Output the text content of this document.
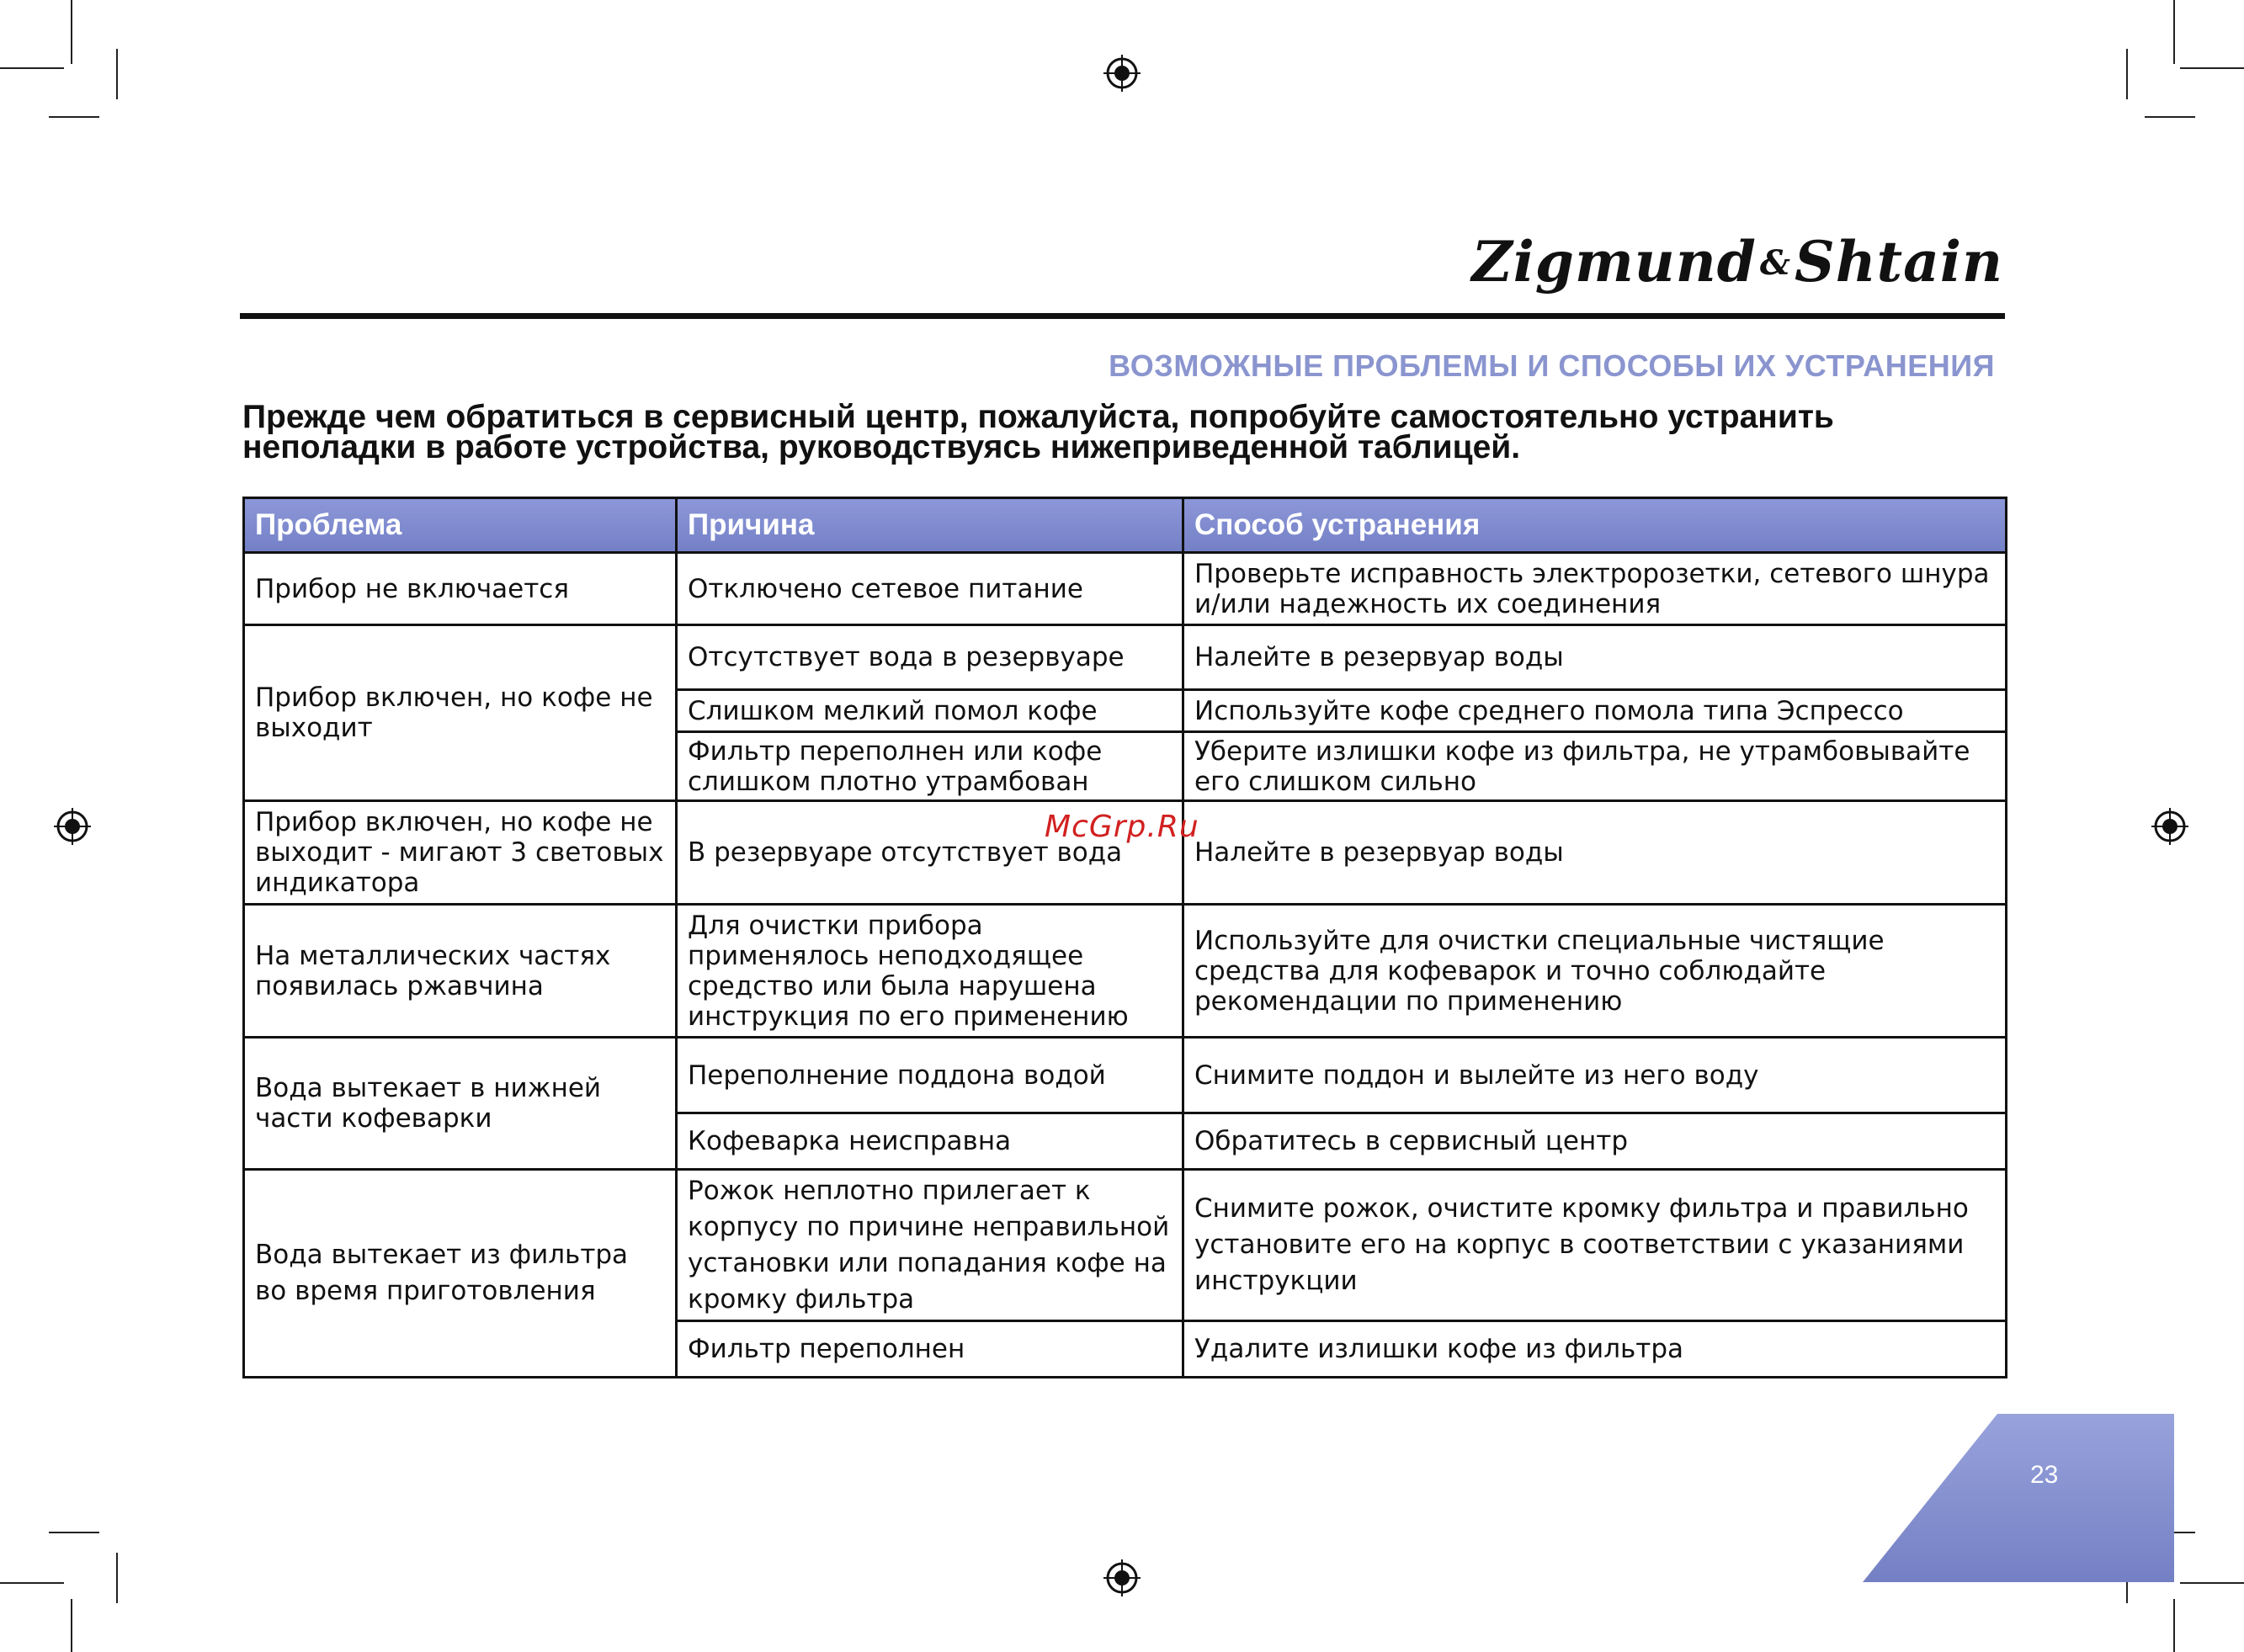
Zigmund &Shtain
ВОЗМОЖНЫЕ ПРОБЛЕМЫ И СПОСОБЫ ИХ УСТРАНЕНИЯ
Прежде чем обратиться в сервисный центр, пожалуйста, попробуйте самостоятельно устранить
неполадки в работе устройства, руководствуясь нижеприведенной таблицей.
Проблема	Причина	Способ устранения
Прибор не включается	Отключено сетевое питание	Проверьте исправность электророзетки, сетевого шнура и/или надежность их соединения
Прибор включен, но кофе не выходит	Отсутствует вода в резервуаре	Налейте в резервуар воды
	Слишком мелкий помол кофе	Используйте кофе среднего помола типа Эспрессо
	Фильтр переполнен или кофе слишком плотно утрамбован	Уберите излишки кофе из фильтра, не утрамбовывайте его слишком сильно
Прибор включен, но кофе не выходит - мигают 3 световых индикатора	В резервуаре отсутствует вода	Налейте в резервуар воды
На металлических частях появилась ржавчина	Для очистки прибора применялось неподходящее средство или была нарушена инструкция по его применению	Используйте для очистки специальные чистящие средства для кофеварок и точно соблюдайте рекомендации по применению
Вода вытекает в нижней части кофеварки	Переполнение поддона водой	Снимите поддон и вылейте из него воду
	Кофеварка неисправна	Обратитесь в сервисный центр
Вода вытекает из фильтра во время приготовления	Рожок неплотно прилегает к корпусу по причине неправильной установки или попадания кофе на кромку фильтра	Снимите рожок, очистите кромку фильтра и правильно установите его на корпус в соответствии с указаниями инструкции
	Фильтр переполнен	Удалите излишки кофе из фильтра
McGrp.Ru
23
